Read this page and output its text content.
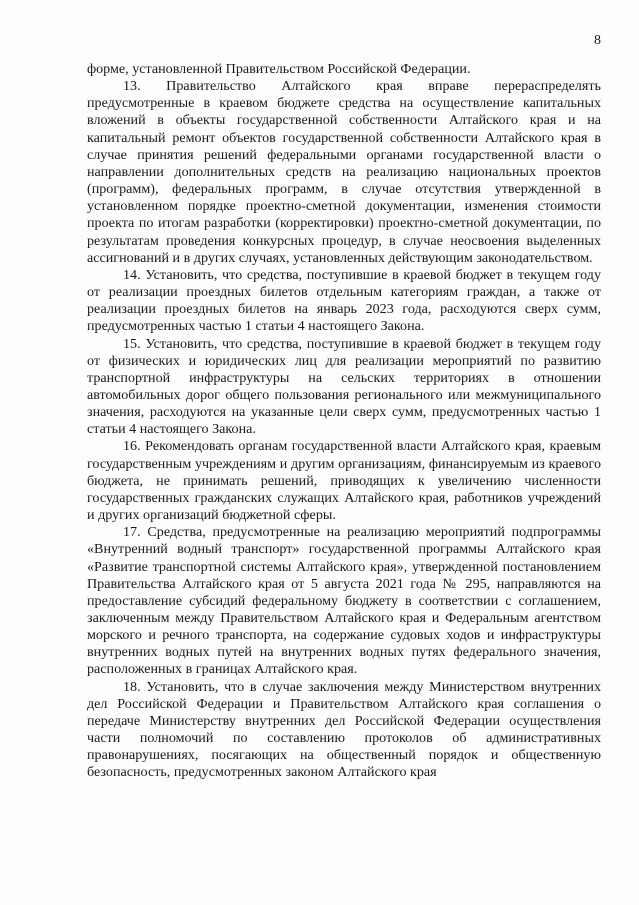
8

форме, установленной Правительством Российской Федерации.

13. Правительство Алтайского края вправе перераспределять предусмотренные в краевом бюджете средства на осуществление капитальных вложений в объекты государственной собственности Алтайского края и на капитальный ремонт объектов государственной собственности Алтайского края в случае принятия решений федеральными органами государственной власти о направлении дополнительных средств на реализацию национальных проектов (программ), федеральных программ, в случае отсутствия утвержденной в установленном порядке проектно-сметной документации, изменения стоимости проекта по итогам разработки (корректировки) проектно-сметной документации, по результатам проведения конкурсных процедур, в случае неосвоения выделенных ассигнований и в других случаях, установленных действующим законодательством.

14. Установить, что средства, поступившие в краевой бюджет в текущем году от реализации проездных билетов отдельным категориям граждан, а также от реализации проездных билетов на январь 2023 года, расходуются сверх сумм, предусмотренных частью 1 статьи 4 настоящего Закона.

15. Установить, что средства, поступившие в краевой бюджет в текущем году от физических и юридических лиц для реализации мероприятий по развитию транспортной инфраструктуры на сельских территориях в отношении автомобильных дорог общего пользования регионального или межмуниципального значения, расходуются на указанные цели сверх сумм, предусмотренных частью 1 статьи 4 настоящего Закона.

16. Рекомендовать органам государственной власти Алтайского края, краевым государственным учреждениям и другим организациям, финансируемым из краевого бюджета, не принимать решений, приводящих к увеличению численности государственных гражданских служащих Алтайского края, работников учреждений и других организаций бюджетной сферы.

17. Средства, предусмотренные на реализацию мероприятий подпрограммы «Внутренний водный транспорт» государственной программы Алтайского края «Развитие транспортной системы Алтайского края», утвержденной постановлением Правительства Алтайского края от 5 августа 2021 года № 295, направляются на предоставление субсидий федеральному бюджету в соответствии с соглашением, заключенным между Правительством Алтайского края и Федеральным агентством морского и речного транспорта, на содержание судовых ходов и инфраструктуры внутренних водных путей на внутренних водных путях федерального значения, расположенных в границах Алтайского края.

18. Установить, что в случае заключения между Министерством внутренних дел Российской Федерации и Правительством Алтайского края соглашения о передаче Министерству внутренних дел Российской Федерации осуществления части полномочий по составлению протоколов об административных правонарушениях, посягающих на общественный порядок и общественную безопасность, предусмотренных законом Алтайского края
